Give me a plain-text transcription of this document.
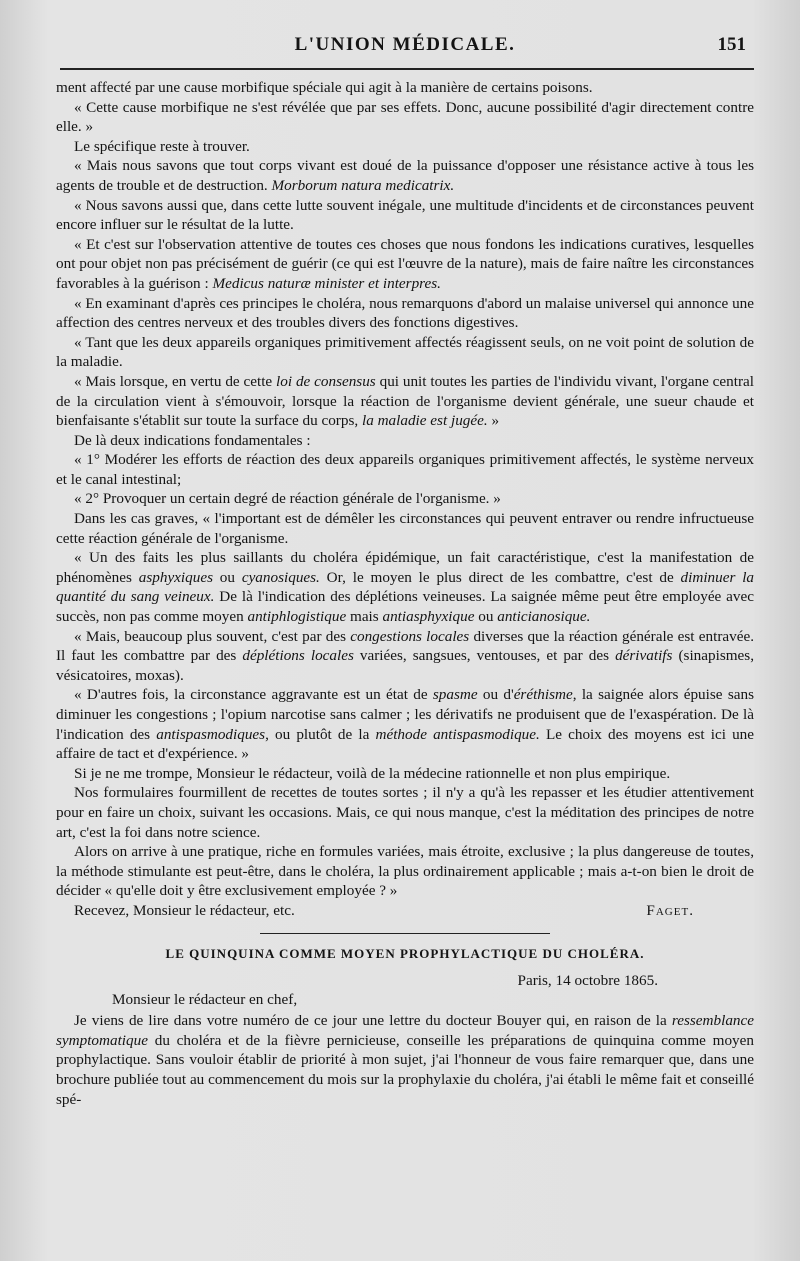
L'UNION MÉDICALE.	151

ment affecté par une cause morbifique spéciale qui agit à la manière de certains poisons.

« Cette cause morbifique ne s'est révélée que par ses effets. Donc, aucune possibilité d'agir directement contre elle. »

Le spécifique reste à trouver.

« Mais nous savons que tout corps vivant est doué de la puissance d'opposer une résistance active à tous les agents de trouble et de destruction. Morborum natura medicatrix.

« Nous savons aussi que, dans cette lutte souvent inégale, une multitude d'incidents et de circonstances peuvent encore influer sur le résultat de la lutte.

« Et c'est sur l'observation attentive de toutes ces choses que nous fondons les indications curatives, lesquelles ont pour objet non pas précisément de guérir (ce qui est l'œuvre de la nature), mais de faire naître les circonstances favorables à la guérison : Medicus naturæ minister et interpres.

« En examinant d'après ces principes le choléra, nous remarquons d'abord un malaise universel qui annonce une affection des centres nerveux et des troubles divers des fonctions digestives.

« Tant que les deux appareils organiques primitivement affectés réagissent seuls, on ne voit point de solution de la maladie.

« Mais lorsque, en vertu de cette loi de consensus qui unit toutes les parties de l'individu vivant, l'organe central de la circulation vient à s'émouvoir, lorsque la réaction de l'organisme devient générale, une sueur chaude et bienfaisante s'établit sur toute la surface du corps, la maladie est jugée. »

De là deux indications fondamentales :

« 1° Modérer les efforts de réaction des deux appareils organiques primitivement affectés, le système nerveux et le canal intestinal;

« 2° Provoquer un certain degré de réaction générale de l'organisme. »

Dans les cas graves, « l'important est de démêler les circonstances qui peuvent entraver ou rendre infructueuse cette réaction générale de l'organisme.

« Un des faits les plus saillants du choléra épidémique, un fait caractéristique, c'est la manifestation de phénomènes asphyxiques ou cyanosiques. Or, le moyen le plus direct de les combattre, c'est de diminuer la quantité du sang veineux. De là l'indication des déplétions veineuses. La saignée même peut être employée avec succès, non pas comme moyen antiphlogistique mais antiasphyxique ou anticianosique.

« Mais, beaucoup plus souvent, c'est par des congestions locales diverses que la réaction générale est entravée. Il faut les combattre par des déplétions locales variées, sangsues, ventouses, et par des dérivatifs (sinapismes, vésicatoires, moxas).

« D'autres fois, la circonstance aggravante est un état de spasme ou d'éréthisme, la saignée alors épuise sans diminuer les congestions ; l'opium narcotise sans calmer ; les dérivatifs ne produisent que de l'exaspération. De là l'indication des antispasmodiques, ou plutôt de la méthode antispasmodique. Le choix des moyens est ici une affaire de tact et d'expérience. »

Si je ne me trompe, Monsieur le rédacteur, voilà de la médecine rationnelle et non plus empirique.

Nos formulaires fourmillent de recettes de toutes sortes ; il n'y a qu'à les repasser et les étudier attentivement pour en faire un choix, suivant les occasions. Mais, ce qui nous manque, c'est la méditation des principes de notre art, c'est la foi dans notre science.

Alors on arrive à une pratique, riche en formules variées, mais étroite, exclusive ; la plus dangereuse de toutes, la méthode stimulante est peut-être, dans le choléra, la plus ordinairement applicable ; mais a-t-on bien le droit de décider « qu'elle doit y être exclusivement employée ? »

Recevez, Monsieur le rédacteur, etc.	Faget.
LE QUINQUINA COMME MOYEN PROPHYLACTIQUE DU CHOLÉRA.
Paris, 14 octobre 1865.
Monsieur le rédacteur en chef,

Je viens de lire dans votre numéro de ce jour une lettre du docteur Bouyer qui, en raison de la ressemblance symptomatique du choléra et de la fièvre pernicieuse, conseille les préparations de quinquina comme moyen prophylactique. Sans vouloir établir de priorité à mon sujet, j'ai l'honneur de vous faire remarquer que, dans une brochure publiée tout au commencement du mois sur la prophylaxie du choléra, j'ai établi le même fait et conseillé spé-
